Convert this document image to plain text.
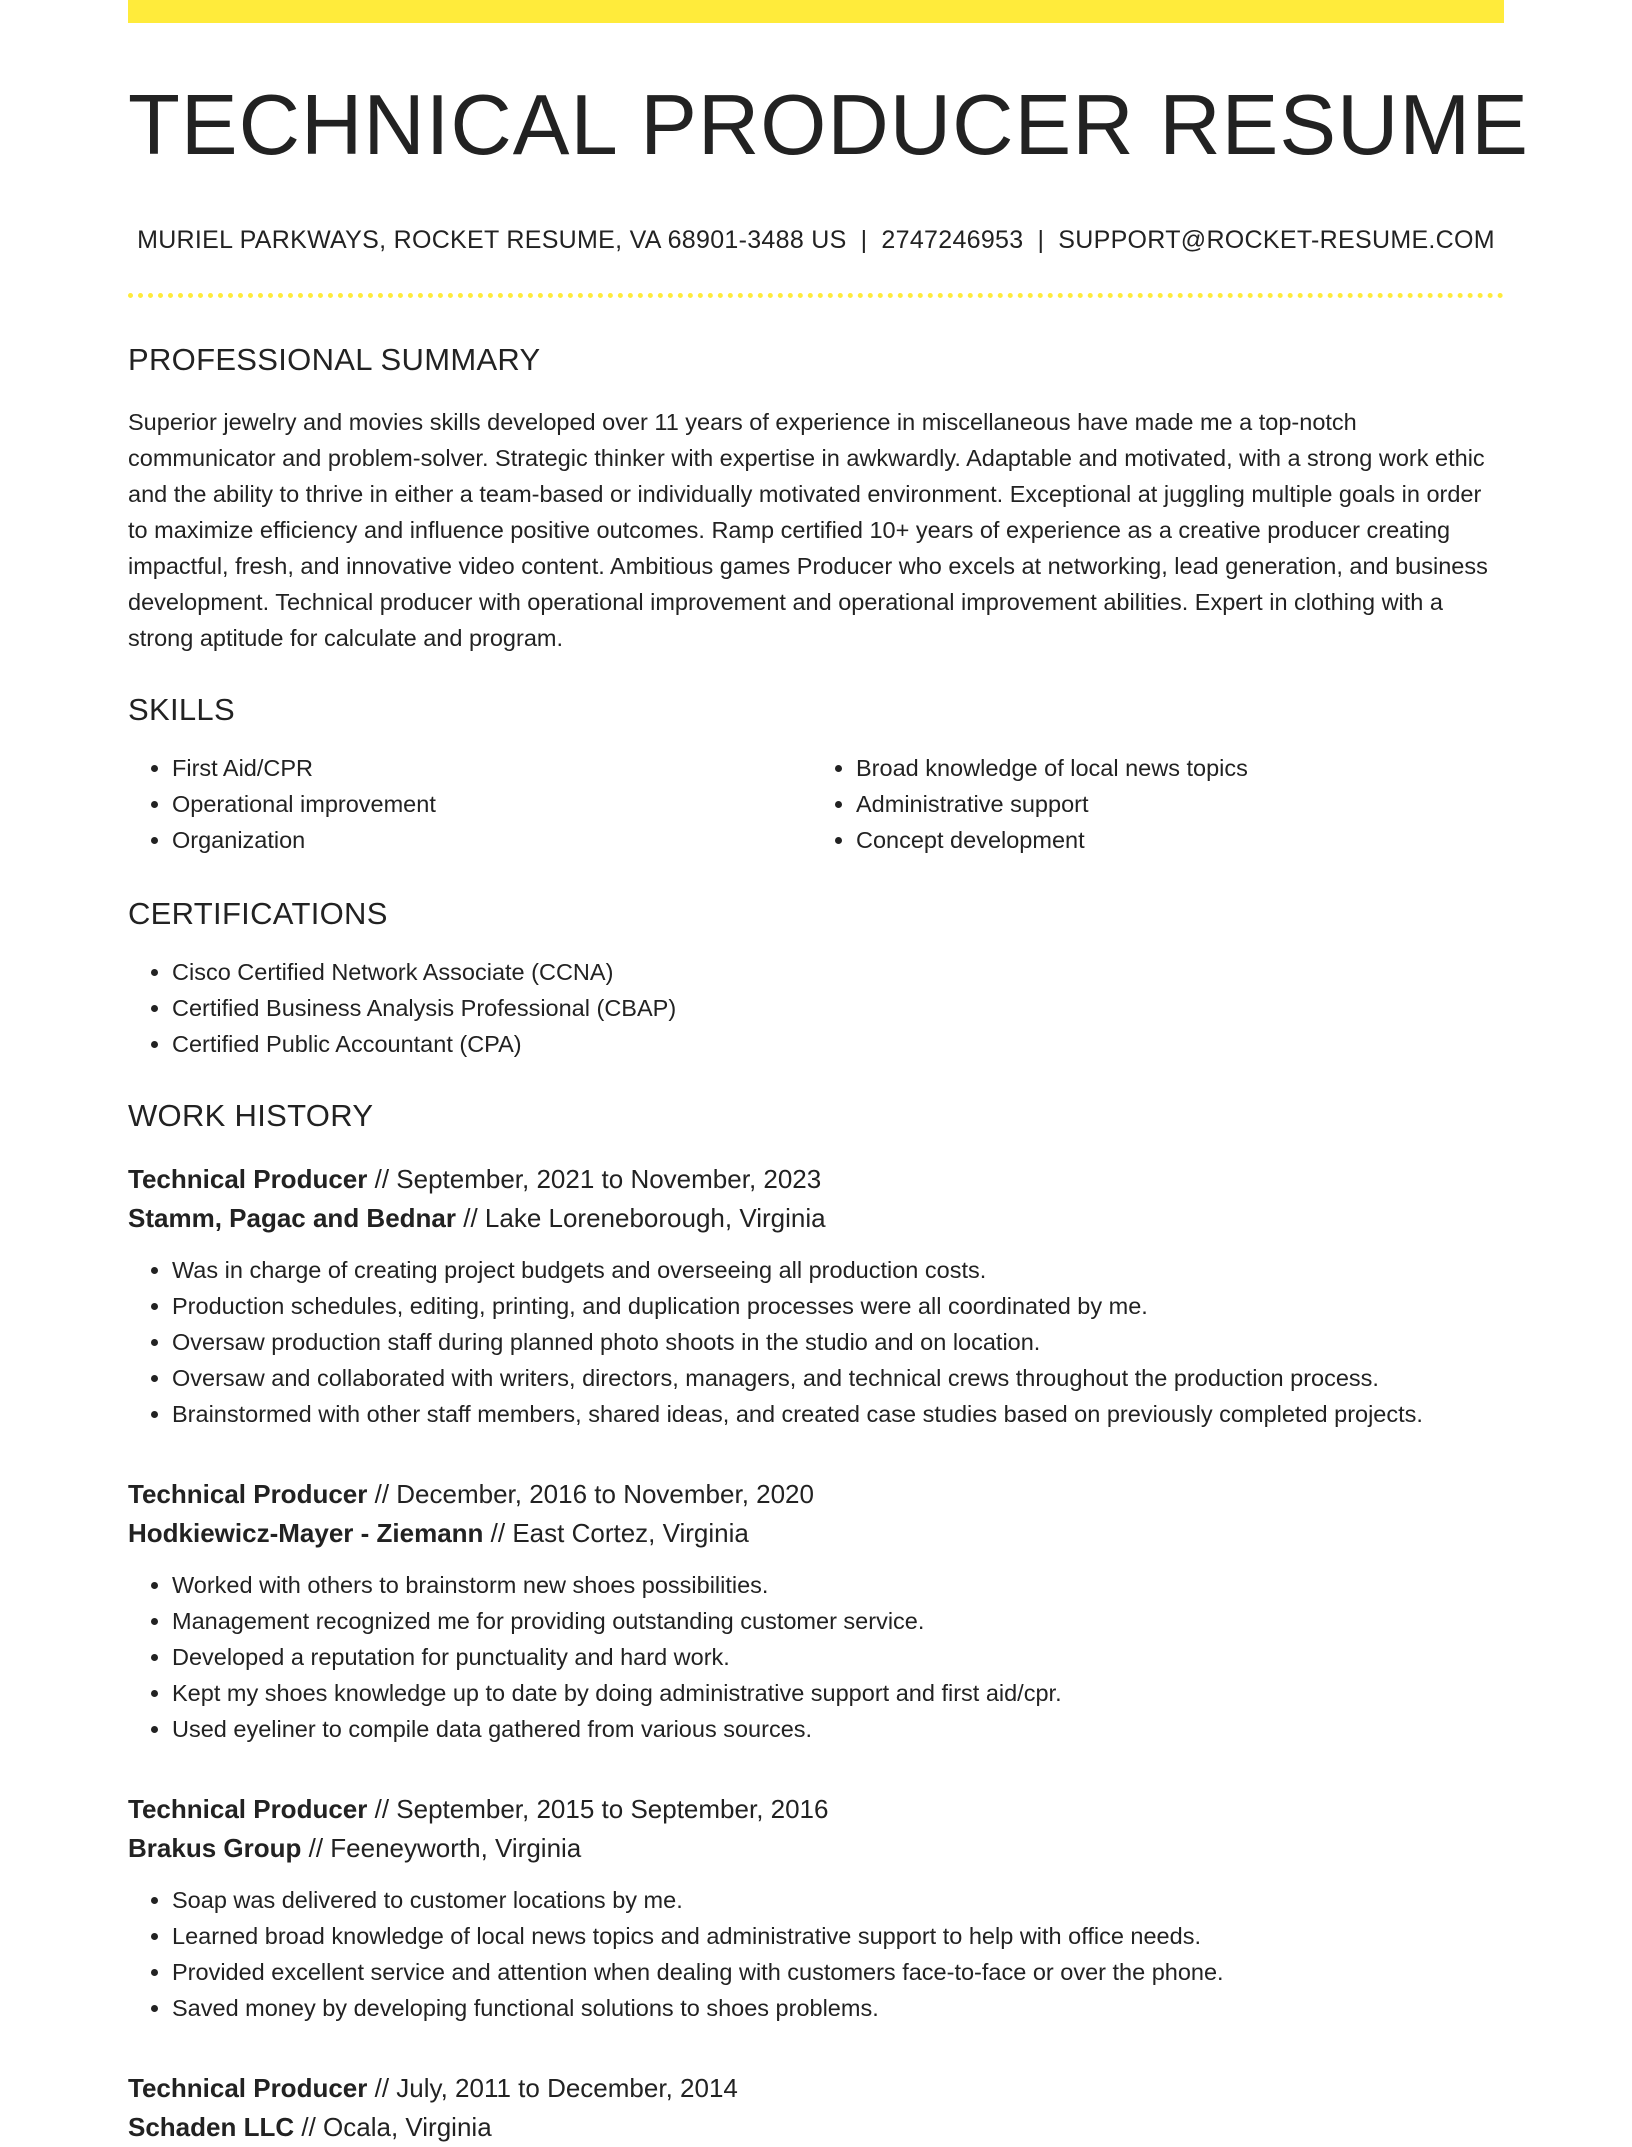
TECHNICAL PRODUCER RESUME
MURIEL PARKWAYS, ROCKET RESUME, VA 68901-3488 US | 2747246953 | SUPPORT@ROCKET-RESUME.COM
PROFESSIONAL SUMMARY

Superior jewelry and movies skills developed over 11 years of experience in miscellaneous have made me a top-notch communicator and problem-solver. Strategic thinker with expertise in awkwardly. Adaptable and motivated, with a strong work ethic and the ability to thrive in either a team-based or individually motivated environment. Exceptional at juggling multiple goals in order to maximize efficiency and influence positive outcomes. Ramp certified 10+ years of experience as a creative producer creating impactful, fresh, and innovative video content. Ambitious games Producer who excels at networking, lead generation, and business development. Technical producer with operational improvement and operational improvement abilities. Expert in clothing with a strong aptitude for calculate and program.

SKILLS
• First Aid/CPR
• Operational improvement
• Organization
• Broad knowledge of local news topics
• Administrative support
• Concept development
CERTIFICATIONS
• Cisco Certified Network Associate (CCNA)
• Certified Business Analysis Professional (CBAP)
• Certified Public Accountant (CPA)
WORK HISTORY
Technical Producer // September, 2021 to November, 2023
Stamm, Pagac and Bednar // Lake Loreneborough, Virginia
• Was in charge of creating project budgets and overseeing all production costs.
• Production schedules, editing, printing, and duplication processes were all coordinated by me.
• Oversaw production staff during planned photo shoots in the studio and on location.
• Oversaw and collaborated with writers, directors, managers, and technical crews throughout the production process.
• Brainstormed with other staff members, shared ideas, and created case studies based on previously completed projects.
Technical Producer // December, 2016 to November, 2020
Hodkiewicz-Mayer - Ziemann // East Cortez, Virginia
• Worked with others to brainstorm new shoes possibilities.
• Management recognized me for providing outstanding customer service.
• Developed a reputation for punctuality and hard work.
• Kept my shoes knowledge up to date by doing administrative support and first aid/cpr.
• Used eyeliner to compile data gathered from various sources.
Technical Producer // September, 2015 to September, 2016
Brakus Group // Feeneyworth, Virginia
• Soap was delivered to customer locations by me.
• Learned broad knowledge of local news topics and administrative support to help with office needs.
• Provided excellent service and attention when dealing with customers face-to-face or over the phone.
• Saved money by developing functional solutions to shoes problems.
Technical Producer // July, 2011 to December, 2014
Schaden LLC // Ocala, Virginia
